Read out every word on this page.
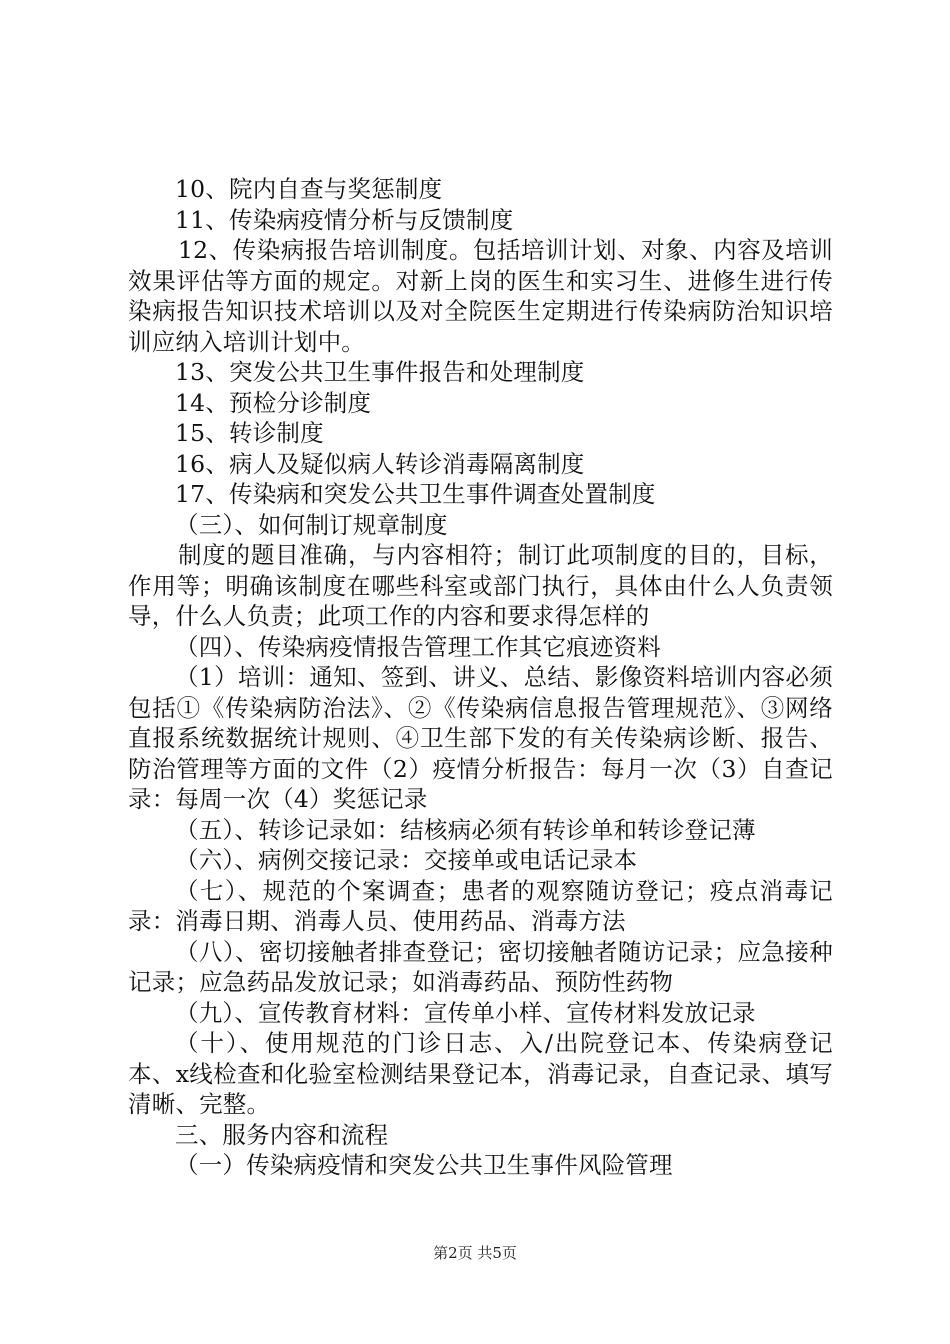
10、院内自查与奖惩制度

11、传染病疫情分析与反馈制度

12、传染病报告培训制度。包括培训计划、对象、内容及培训效果评估等方面的规定。对新上岗的医生和实习生、进修生进行传染病报告知识技术培训以及对全院医生定期进行传染病防治知识培训应纳入培训计划中。

13、突发公共卫生事件报告和处理制度

14、预检分诊制度

15、转诊制度

16、病人及疑似病人转诊消毒隔离制度

17、传染病和突发公共卫生事件调查处置制度

（三）、如何制订规章制度

制度的题目准确，与内容相符；制订此项制度的目的，目标，作用等；明确该制度在哪些科室或部门执行，具体由什么人负责领导，什么人负责；此项工作的内容和要求得怎样的

（四）、传染病疫情报告管理工作其它痕迹资料

（1）培训：通知、签到、讲义、总结、影像资料培训内容必须包括①《传染病防治法》、②《传染病信息报告管理规范》、③网络直报系统数据统计规则、④卫生部下发的有关传染病诊断、报告、防治管理等方面的文件（2）疫情分析报告：每月一次（3）自查记录：每周一次（4）奖惩记录

（五）、转诊记录如：结核病必须有转诊单和转诊登记薄

（六）、病例交接记录：交接单或电话记录本

（七）、规范的个案调查；患者的观察随访登记；疫点消毒记录：消毒日期、消毒人员、使用药品、消毒方法

（八）、密切接触者排查登记；密切接触者随访记录；应急接种记录；应急药品发放记录；如消毒药品、预防性药物

（九）、宣传教育材料：宣传单小样、宣传材料发放记录

（十）、使用规范的门诊日志、入/出院登记本、传染病登记本、x线检查和化验室检测结果登记本，消毒记录，自查记录、填写清晰、完整。

三、服务内容和流程

（一）传染病疫情和突发公共卫生事件风险管理

第2页 共5页
